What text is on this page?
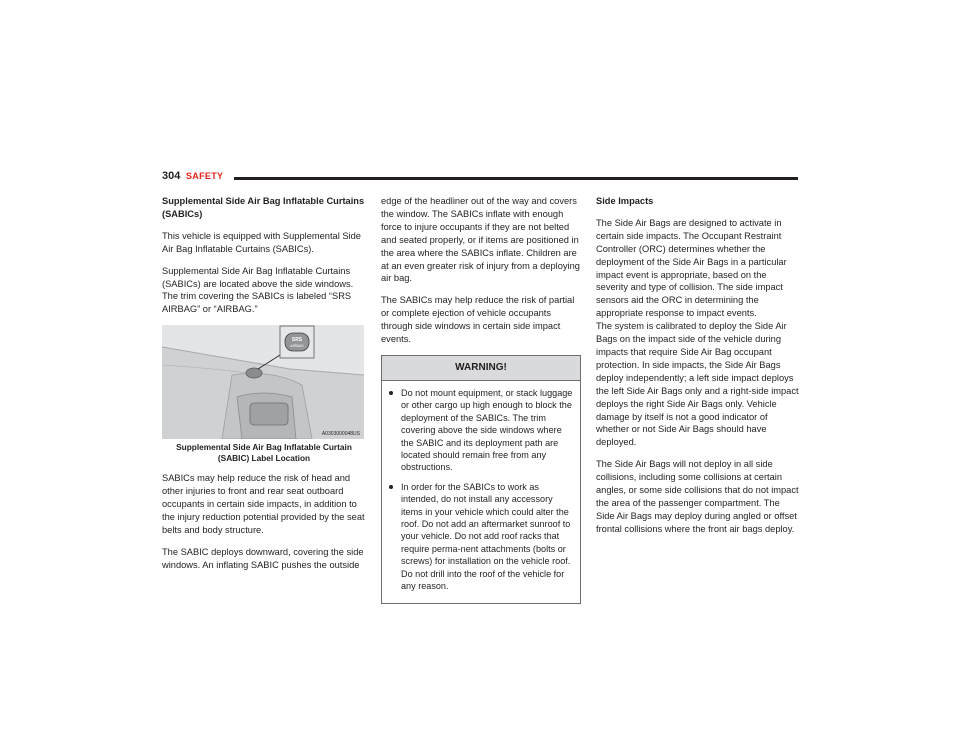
304 SAFETY
Supplemental Side Air Bag Inflatable Curtains (SABICs)

This vehicle is equipped with Supplemental Side Air Bag Inflatable Curtains (SABICs).

Supplemental Side Air Bag Inflatable Curtains (SABICs) are located above the side windows. The trim covering the SABICs is labeled “SRS AIRBAG” or “AIRBAG.”

SRS
AIRBAG
A0303000048US
Supplemental Side Air Bag Inflatable Curtain (SABIC) Label Location

SABICs may help reduce the risk of head and other injuries to front and rear seat outboard occupants in certain side impacts, in addition to the injury reduction potential provided by the seat belts and body structure.

The SABIC deploys downward, covering the side windows. An inflating SABIC pushes the outside

edge of the headliner out of the way and covers the window. The SABICs inflate with enough force to injure occupants if they are not belted and seated properly, or if items are positioned in the area where the SABICs inflate. Children are at an even greater risk of injury from a deploying air bag.

The SABICs may help reduce the risk of partial or complete ejection of vehicle occupants through side windows in certain side impact events.

WARNING!
Do not mount equipment, or stack luggage or other cargo up high enough to block the deployment of the SABICs. The trim covering above the side windows where the SABIC and its deployment path are located should remain free from any obstructions.
In order for the SABICs to work as intended, do not install any accessory items in your vehicle which could alter the roof. Do not add an aftermarket sunroof to your vehicle. Do not add roof racks that require perma-nent attachments (bolts or screws) for installation on the vehicle roof. Do not drill into the roof of the vehicle for any reason.
Side Impacts

The Side Air Bags are designed to activate in certain side impacts. The Occupant Restraint Controller (ORC) determines whether the deployment of the Side Air Bags in a particular impact event is appropriate, based on the severity and type of collision. The side impact sensors aid the ORC in determining the appropriate response to impact events.

The system is calibrated to deploy the Side Air Bags on the impact side of the vehicle during impacts that require Side Air Bag occupant protection. In side impacts, the Side Air Bags deploy independently; a left side impact deploys the left Side Air Bags only and a right-side impact deploys the right Side Air Bags only. Vehicle damage by itself is not a good indicator of whether or not Side Air Bags should have deployed.

The Side Air Bags will not deploy in all side collisions, including some collisions at certain angles, or some side collisions that do not impact the area of the passenger compartment. The Side Air Bags may deploy during angled or offset frontal collisions where the front air bags deploy.
